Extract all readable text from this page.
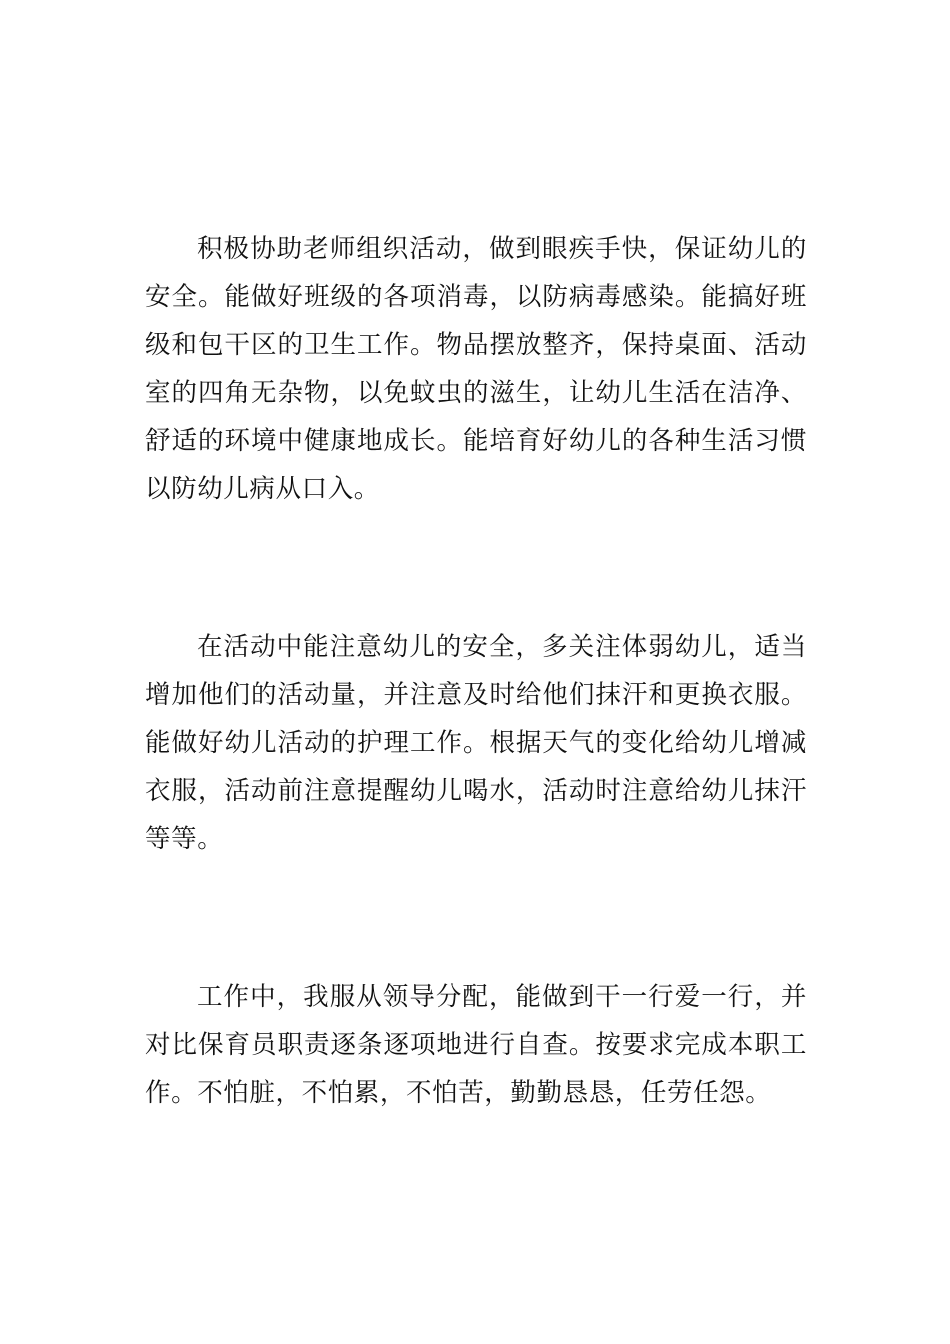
积极协助老师组织活动，做到眼疾手快，保证幼儿的安全。能做好班级的各项消毒，以防病毒感染。能搞好班级和包干区的卫生工作。物品摆放整齐，保持桌面、活动室的四角无杂物，以免蚊虫的滋生，让幼儿生活在洁净、舒适的环境中健康地成长。能培育好幼儿的各种生活习惯以防幼儿病从口入。

在活动中能注意幼儿的安全，多关注体弱幼儿，适当增加他们的活动量，并注意及时给他们抹汗和更换衣服。能做好幼儿活动的护理工作。根据天气的变化给幼儿增减衣服，活动前注意提醒幼儿喝水，活动时注意给幼儿抹汗等等。

工作中，我服从领导分配，能做到干一行爱一行，并对比保育员职责逐条逐项地进行自查。按要求完成本职工作。不怕脏，不怕累，不怕苦，勤勤恳恳，任劳任怨。
